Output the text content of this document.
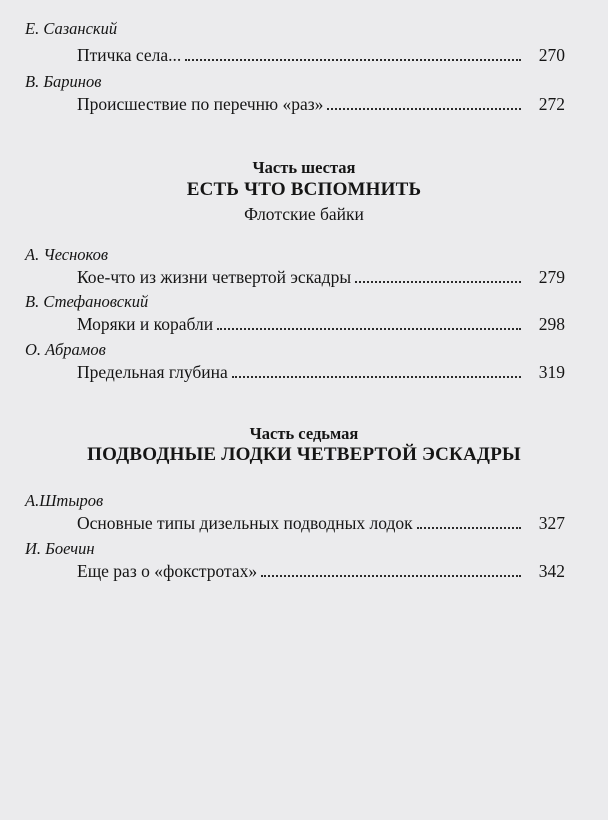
Е. Сазанский
Птичка села...	270
В. Баринов
Происшествие по перечню «раз»	272
Часть шестая
ЕСТЬ ЧТО ВСПОМНИТЬ
Флотские байки
А. Чесноков
Кое-что из жизни четвертой эскадры	279
В. Стефановский
Моряки и корабли	298
О. Абрамов
Предельная глубина	319
Часть седьмая
ПОДВОДНЫЕ ЛОДКИ ЧЕТВЕРТОЙ ЭСКАДРЫ
А.Штыров
Основные типы дизельных подводных лодок	327
И. Боечин
Еще раз о «фокстротах»	342
